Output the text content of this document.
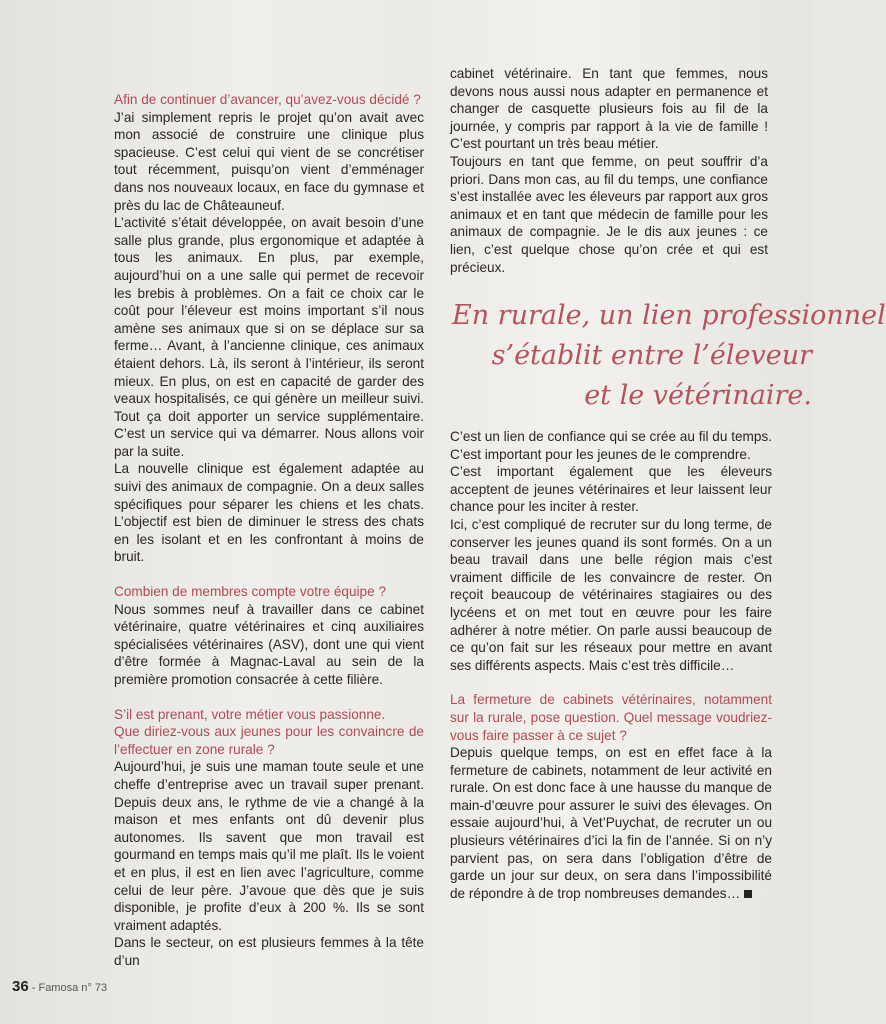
Afin de continuer d’avancer, qu’avez-vous décidé ?

J’ai simplement repris le projet qu’on avait avec mon associé de construire une clinique plus spacieuse. C’est celui qui vient de se concrétiser tout récemment, puisqu’on vient d’emménager dans nos nouveaux locaux, en face du gymnase et près du lac de Châteauneuf.

L’activité s’était développée, on avait besoin d’une salle plus grande, plus ergonomique et adaptée à tous les animaux. En plus, par exemple, aujourd’hui on a une salle qui permet de recevoir les brebis à problèmes. On a fait ce choix car le coût pour l’éleveur est moins important s’il nous amène ses animaux que si on se déplace sur sa ferme… Avant, à l’ancienne clinique, ces animaux étaient dehors. Là, ils seront à l’intérieur, ils seront mieux. En plus, on est en capacité de garder des veaux hospitalisés, ce qui génère un meilleur suivi. Tout ça doit apporter un service supplémentaire. C’est un service qui va démarrer. Nous allons voir par la suite.

La nouvelle clinique est également adaptée au suivi des animaux de compagnie. On a deux salles spécifiques pour séparer les chiens et les chats. L’objectif est bien de diminuer le stress des chats en les isolant et en les confrontant à moins de bruit.

Combien de membres compte votre équipe ?

Nous sommes neuf à travailler dans ce cabinet vétérinaire, quatre vétérinaires et cinq auxiliaires spécialisées vétérinaires (ASV), dont une qui vient d’être formée à Magnac-Laval au sein de la première promotion consacrée à cette filière.

S’il est prenant, votre métier vous passionne.

Que diriez-vous aux jeunes pour les convaincre de l’effectuer en zone rurale ?

Aujourd’hui, je suis une maman toute seule et une cheffe d’entreprise avec un travail super prenant. Depuis deux ans, le rythme de vie a changé à la maison et mes enfants ont dû devenir plus autonomes. Ils savent que mon travail est gourmand en temps mais qu’il me plaît. Ils le voient et en plus, il est en lien avec l’agriculture, comme celui de leur père. J’avoue que dès que je suis disponible, je profite d’eux à 200 %. Ils se sont vraiment adaptés.

Dans le secteur, on est plusieurs femmes à la tête d’un

cabinet vétérinaire. En tant que femmes, nous devons nous aussi nous adapter en permanence et changer de casquette plusieurs fois au fil de la journée, y compris par rapport à la vie de famille ! C’est pourtant un très beau métier.

Toujours en tant que femme, on peut souffrir d’a priori. Dans mon cas, au fil du temps, une confiance s’est installée avec les éleveurs par rapport aux gros animaux et en tant que médecin de famille pour les animaux de compagnie. Je le dis aux jeunes : ce lien, c’est quelque chose qu’on crée et qui est précieux.

En rurale, un lien professionnel
s’établit entre l’éleveur
et le vétérinaire.

C’est un lien de confiance qui se crée au fil du temps. C’est important pour les jeunes de le comprendre.

C’est important également que les éleveurs acceptent de jeunes vétérinaires et leur laissent leur chance pour les inciter à rester.

Ici, c’est compliqué de recruter sur du long terme, de conserver les jeunes quand ils sont formés. On a un beau travail dans une belle région mais c’est vraiment difficile de les convaincre de rester. On reçoit beaucoup de vétérinaires stagiaires ou des lycéens et on met tout en œuvre pour les faire adhérer à notre métier. On parle aussi beaucoup de ce qu’on fait sur les réseaux pour mettre en avant ses différents aspects. Mais c’est très difficile…

La fermeture de cabinets vétérinaires, notamment sur la rurale, pose question. Quel message voudriez-vous faire passer à ce sujet ?

Depuis quelque temps, on est en effet face à la fermeture de cabinets, notamment de leur activité en rurale. On est donc face à une hausse du manque de main-d’œuvre pour assurer le suivi des élevages. On essaie aujourd’hui, à Vet’Puychat, de recruter un ou plusieurs vétérinaires d’ici la fin de l’année. Si on n’y parvient pas, on sera dans l’obligation d’être de garde un jour sur deux, on sera dans l’impossibilité de répondre à de trop nombreuses demandes…

36 - Famosa n° 73
